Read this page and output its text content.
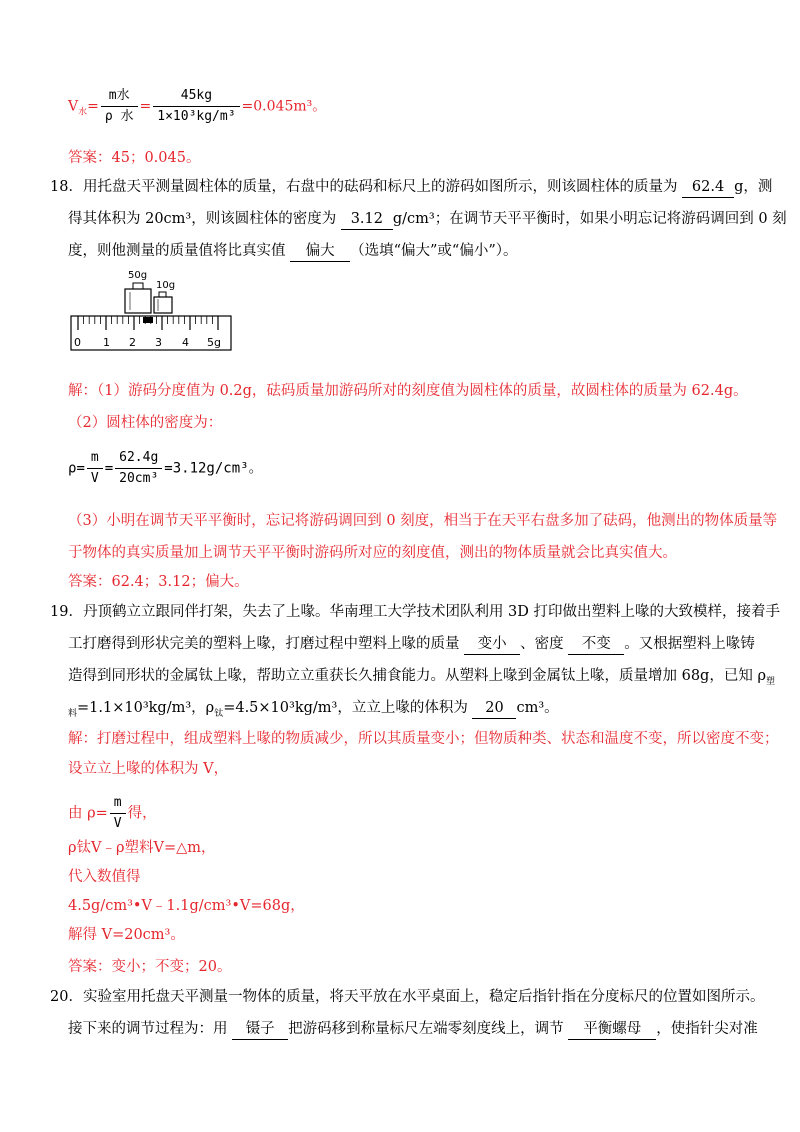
$V_水= \frac{\text{m水}}{\text{ρ 水}} = \frac{45kg}{\text{1×10³kg/m³}} =0.045m^3$。
答案：45；0.045。
18．用托盘天平测量圆柱体的质量，右盘中的砝码和标尺上的游码如图所示，则该圆柱体的质量为 62.4 g，测
得其体积为 20cm³，则该圆柱体的密度为 3.12 g/cm³；在调节天平平衡时，如果小明忘记将游码调回到 0 刻
度，则他测量的质量值将比真实值 偏大 （选填“偏大”或“偏小”）。
50g
10g
0 1 2 3 4 5g
解：（1）游码分度值为 0.2g，砝码质量加游码所对的刻度值为圆柱体的质量，故圆柱体的质量为 62.4g。
（2）圆柱体的密度为：
$\rho= \frac{m}{V} = \frac{62.4g}{\text{20cm³}} =3.12g/cm^3$。
（3）小明在调节天平平衡时，忘记将游码调回到 0 刻度，相当于在天平右盘多加了砝码，他测出的物体质量等
于物体的真实质量加上调节天平平衡时游码所对应的刻度值，测出的物体质量就会比真实值大。
答案：62.4；3.12；偏大。
19．丹顶鹤立立跟同伴打架，失去了上喙。华南理工大学技术团队利用 3D 打印做出塑料上喙的大致模样，接着手
工打磨得到形状完美的塑料上喙，打磨过程中塑料上喙的质量 变小 、密度 不变 。又根据塑料上喙铸
造得到同形状的金属钛上喙，帮助立立重获长久捕食能力。从塑料上喙到金属钛上喙，质量增加 68g，已知 $\rho_塑$
$_料$=1.1×10³kg/m³，$\rho_钛=4.5\times 10^3kg/m^3$，立立上喙的体积为 20 cm³。
解：打磨过程中，组成塑料上喙的物质减少，所以其质量变小；但物质种类、状态和温度不变，所以密度不变；
设立立上喙的体积为 V，
由 $\rho= \frac{m}{V}$ 得，
ρ钛V﹣ρ塑料V=△m，
代入数值得
4.5g/cm³•V﹣1.1g/cm³•V=68g，
解得 V=20cm³。
答案：变小；不变；20。
20．实验室用托盘天平测量一物体的质量，将天平放在水平桌面上，稳定后指针指在分度标尺的位置如图所示。
接下来的调节过程为：用 镊子 把游码移到称量标尺左端零刻度线上，调节 平衡螺母 ，使指针尖对准
